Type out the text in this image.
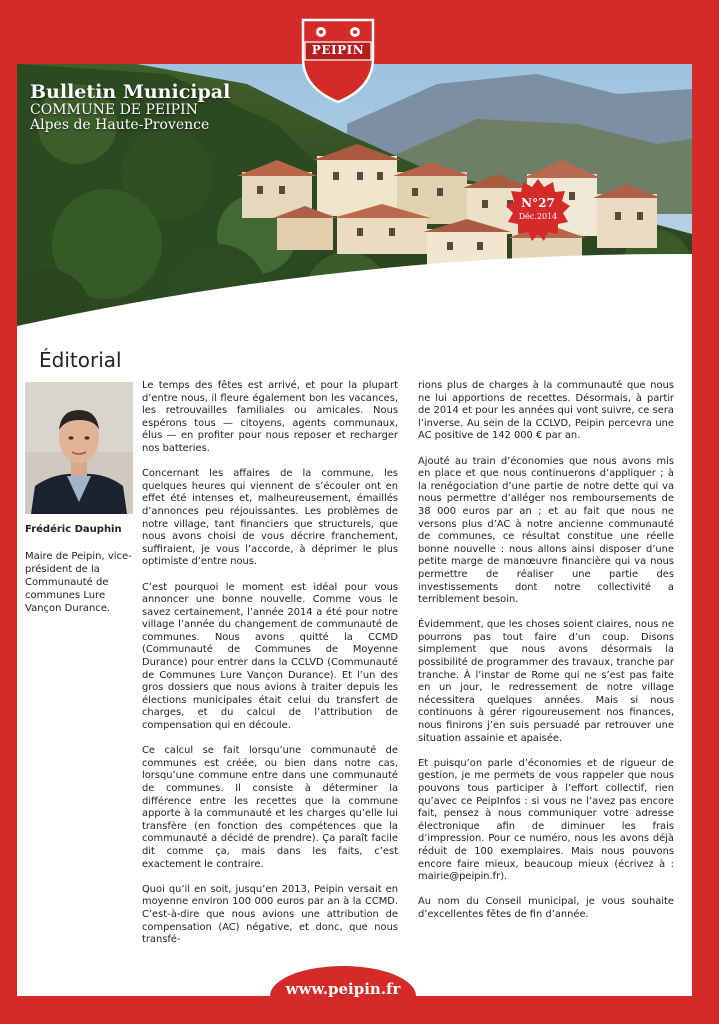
Bulletin Municipal
COMMUNE DE PEIPIN
Alpes de Haute-Provence
Éditorial
Frédéric Dauphin

Maire de Peipin, vice-président de la Communauté de communes Lure Vançon Durance.

Le temps des fêtes est arrivé, et pour la plupart d’entre nous, il fleure également bon les vacances, les retrouvailles familiales ou amicales. Nous espérons tous — citoyens, agents communaux, élus — en profiter pour nous reposer et recharger nos batteries.

Concernant les affaires de la commune, les quelques heures qui viennent de s’écouler ont en effet été intenses et, malheureusement, émaillés d’annonces peu réjouissantes. Les problèmes de notre village, tant financiers que structurels, que nous avons choisi de vous décrire franchement, suffiraient, je vous l’accorde, à déprimer le plus optimiste d’entre nous.

C’est pourquoi le moment est idéal pour vous annoncer une bonne nouvelle. Comme vous le savez certainement, l’année 2014 a été pour notre village l’année du changement de communauté de communes. Nous avons quitté la CCMD (Communauté de Communes de Moyenne Durance) pour entrer dans la CCLVD (Communauté de Communes Lure Vançon Durance). Et l’un des gros dossiers que nous avions à traiter depuis les élections municipales était celui du transfert de charges, et du calcul de l’attribution de compensation qui en découle.

Ce calcul se fait lorsqu’une communauté de communes est créée, ou bien dans notre cas, lorsqu’une commune entre dans une communauté de communes. Il consiste à déterminer la différence entre les recettes que la commune apporte à la communauté et les charges qu’elle lui transfère (en fonction des compétences que la communauté a décidé de prendre). Ça paraît facile dit comme ça, mais dans les faits, c’est exactement le contraire.

Quoi qu’il en soit, jusqu’en 2013, Peipin versait en moyenne environ 100 000 euros par an à la CCMD. C’est-à-dire que nous avions une attribution de compensation (AC) négative, et donc, que nous transfé-

rions plus de charges à la communauté que nous ne lui apportions de recettes. Désormais, à partir de 2014 et pour les années qui vont suivre, ce sera l’inverse. Au sein de la CCLVD, Peipin percevra une AC positive de 142 000 € par an.

Ajouté au train d’économies que nous avons mis en place et que nous continuerons d’appliquer ; à la renégociation d’une partie de notre dette qui va nous permettre d’alléger nos remboursements de 38 000 euros par an ; et au fait que nous ne versons plus d’AC à notre ancienne communauté de communes, ce résultat constitue une réelle bonne nouvelle : nous allons ainsi disposer d’une petite marge de manœuvre financière qui va nous permettre de réaliser une partie des investissements dont notre collectivité a terriblement besoin.

Évidemment, que les choses soient claires, nous ne pourrons pas tout faire d’un coup. Disons simplement que nous avons désormais la possibilité de programmer des travaux, tranche par tranche. À l’instar de Rome qui ne s’est pas faite en un jour, le redressement de notre village nécessitera quelques années. Mais si nous continuons à gérer rigoureusement nos finances, nous finirons j’en suis persuadé par retrouver une situation assainie et apaisée.

Et puisqu’on parle d’économies et de rigueur de gestion, je me permets de vous rappeler que nous pouvons tous participer à l’effort collectif, rien qu’avec ce PeipInfos : si vous ne l’avez pas encore fait, pensez à nous communiquer votre adresse électronique afin de diminuer les frais d’impression. Pour ce numéro, nous les avons déjà réduit de 100 exemplaires. Mais nous pouvons encore faire mieux, beaucoup mieux (écrivez à : mairie@peipin.fr).

Au nom du Conseil municipal, je vous souhaite d’excellentes fêtes de fin d’année.

PEIPIN
N°27
Déc.2014
www.peipin.fr
